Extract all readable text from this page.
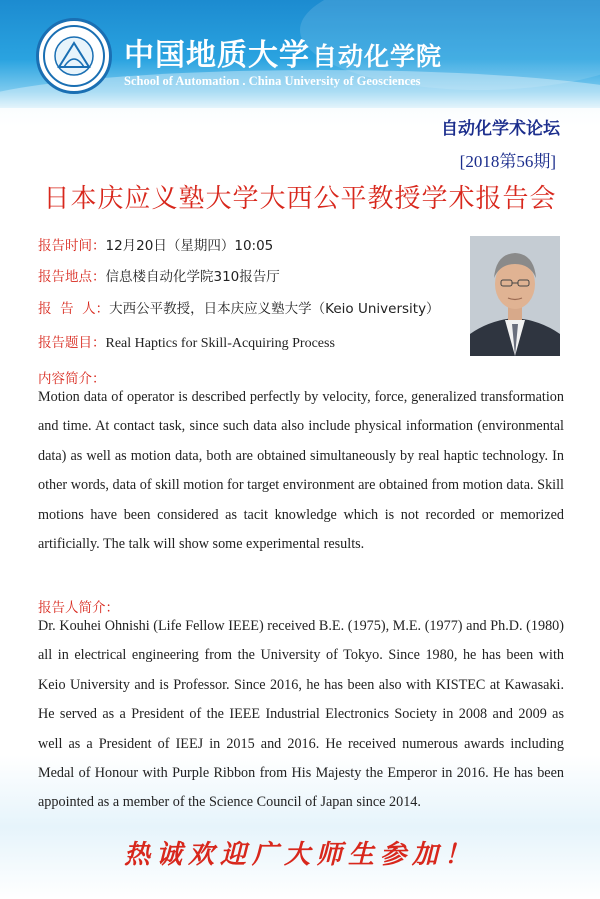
中国地质大学自动化学院
School of Automation . China University of Geosciences
自动化学术论坛
[2018第56期]
日本庆应义塾大学大西公平教授学术报告会
报告时间：12月20日（星期四）10:05
报告地点：信息楼自动化学院310报告厅
报  告  人：大西公平教授，日本庆应义塾大学（Keio University）
报告题目：Real Haptics for Skill-Acquiring Process
内容简介：
Motion data of operator is described perfectly by velocity, force, generalized transformation and time. At contact task, since such data also include physical information (environmental data) as well as motion data, both are obtained simultaneously by real haptic technology. In other words, data of skill motion for target environment are obtained from motion data. Skill motions have been considered as tacit knowledge which is not recorded or memorized artificially. The talk will show some experimental results.
报告人简介：
Dr. Kouhei Ohnishi (Life Fellow IEEE) received B.E. (1975), M.E. (1977) and Ph.D. (1980) all in electrical engineering from the University of Tokyo. Since 1980, he has been with Keio University and is Professor. Since 2016, he has been also with KISTEC at Kawasaki. He served as a President of the IEEE Industrial Electronics Society in 2008 and 2009 as well as a President of IEEJ in 2015 and 2016. He received numerous awards including Medal of Honour with Purple Ribbon from His Majesty the Emperor in 2016. He has been appointed as a member of the Science Council of Japan since 2014.
热诚欢迎广大师生参加！
